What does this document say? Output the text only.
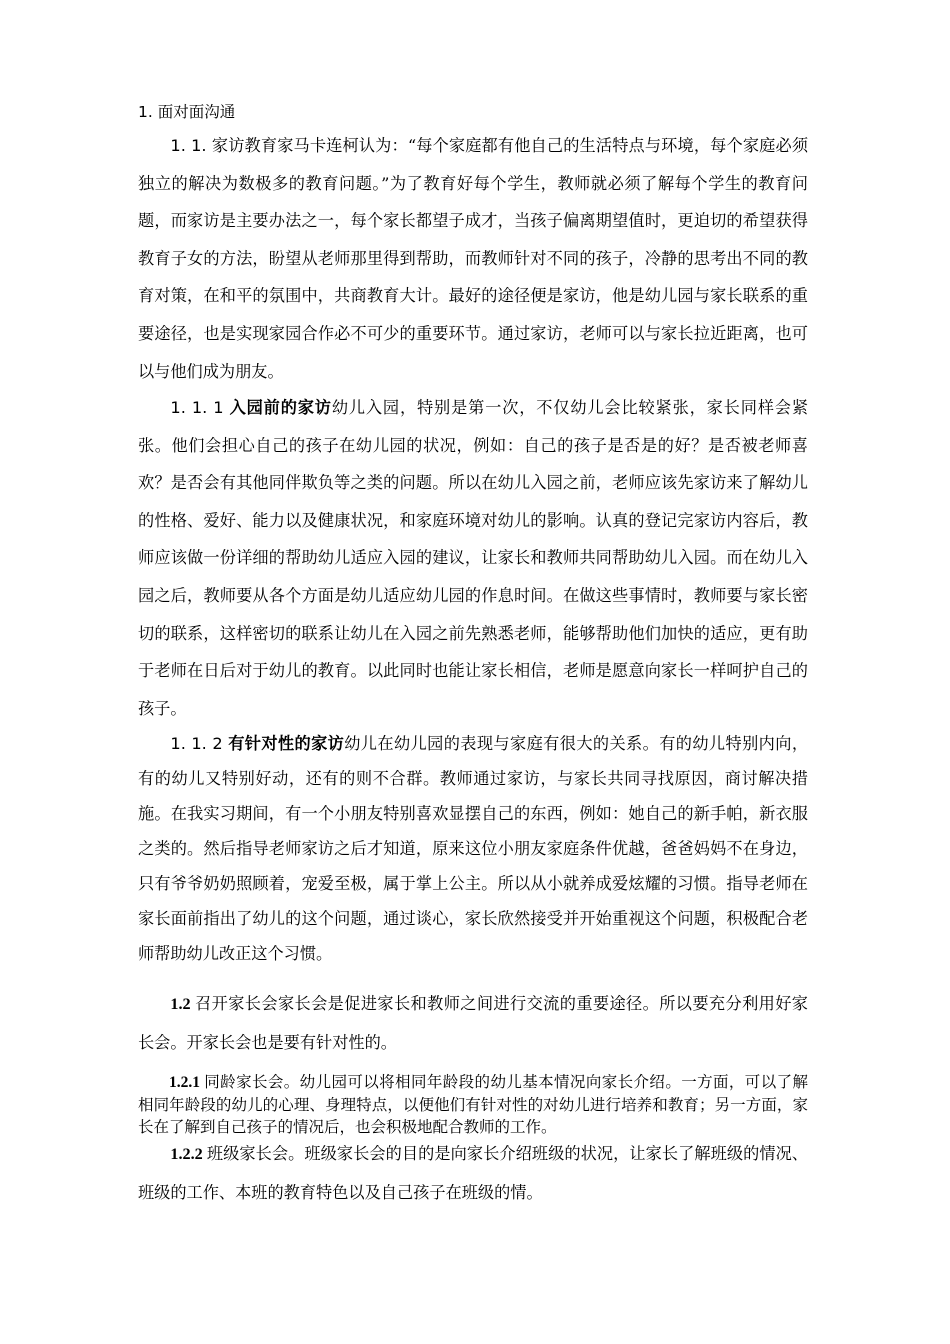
1. 面对面沟通

1. 1. 家访教育家马卡连柯认为：“每个家庭都有他自己的生活特点与环境，每个家庭必须独立的解决为数极多的教育问题。”为了教育好每个学生，教师就必须了解每个学生的教育问题，而家访是主要办法之一，每个家长都望子成才，当孩子偏离期望值时，更迫切的希望获得教育子女的方法，盼望从老师那里得到帮助，而教师针对不同的孩子，冷静的思考出不同的教育对策，在和平的氛围中，共商教育大计。最好的途径便是家访，他是幼儿园与家长联系的重要途径，也是实现家园合作必不可少的重要环节。通过家访，老师可以与家长拉近距离，也可以与他们成为朋友。

1. 1. 1 入园前的家访幼儿入园，特别是第一次，不仅幼儿会比较紧张，家长同样会紧张。他们会担心自己的孩子在幼儿园的状况，例如：自己的孩子是否是的好？是否被老师喜欢？是否会有其他同伴欺负等之类的问题。所以在幼儿入园之前，老师应该先家访来了解幼儿的性格、爱好、能力以及健康状况，和家庭环境对幼儿的影响。认真的登记完家访内容后，教师应该做一份详细的帮助幼儿适应入园的建议，让家长和教师共同帮助幼儿入园。而在幼儿入园之后，教师要从各个方面是幼儿适应幼儿园的作息时间。在做这些事情时，教师要与家长密切的联系，这样密切的联系让幼儿在入园之前先熟悉老师，能够帮助他们加快的适应，更有助于老师在日后对于幼儿的教育。以此同时也能让家长相信，老师是愿意向家长一样呵护自己的孩子。

1. 1. 2 有针对性的家访幼儿在幼儿园的表现与家庭有很大的关系。有的幼儿特别内向，有的幼儿又特别好动，还有的则不合群。教师通过家访，与家长共同寻找原因，商讨解决措施。在我实习期间，有一个小朋友特别喜欢显摆自己的东西，例如：她自己的新手帕，新衣服之类的。然后指导老师家访之后才知道，原来这位小朋友家庭条件优越，爸爸妈妈不在身边，只有爷爷奶奶照顾着，宠爱至极，属于掌上公主。所以从小就养成爱炫耀的习惯。指导老师在家长面前指出了幼儿的这个问题，通过谈心，家长欣然接受并开始重视这个问题，积极配合老师帮助幼儿改正这个习惯。

1.2 召开家长会家长会是促进家长和教师之间进行交流的重要途径。所以要充分利用好家长会。开家长会也是要有针对性的。

1.2.1 同龄家长会。幼儿园可以将相同年龄段的幼儿基本情况向家长介绍。一方面，可以了解相同年龄段的幼儿的心理、身理特点，以便他们有针对性的对幼儿进行培养和教育；另一方面，家长在了解到自己孩子的情况后，也会积极地配合教师的工作。

1.2.2 班级家长会。班级家长会的目的是向家长介绍班级的状况，让家长了解班级的情况、班级的工作、本班的教育特色以及自己孩子在班级的情。
